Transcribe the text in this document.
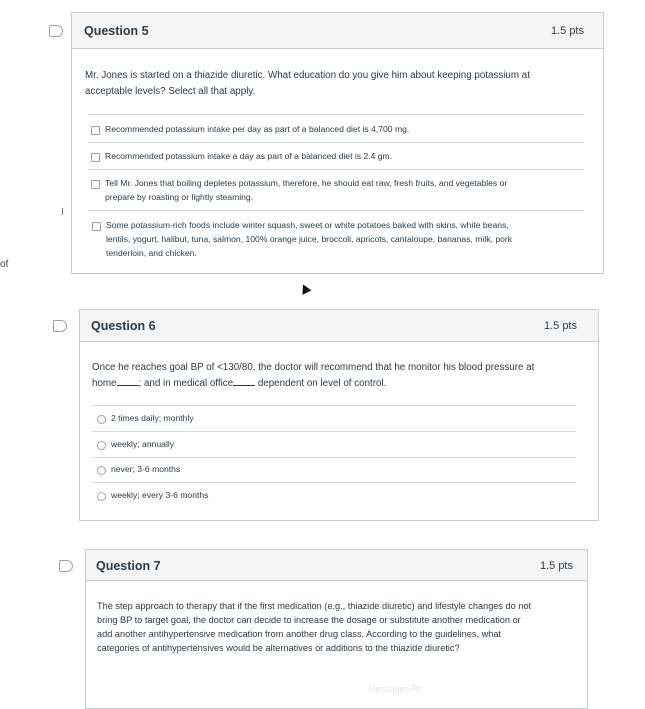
of
Question 5	1.5 pts
Mr. Jones is started on a thiazide diuretic. What education do you give him about keeping potassium at
acceptable levels? Select all that apply.
Recommended potassium intake per day as part of a balanced diet is 4,700 mg.
Recommended potassium intake a day as part of a balanced diet is 2.4 gm.
Tell Mr. Jones that boiling depletes potassium, therefore, he should eat raw, fresh fruits, and vegetables or
prepare by roasting or lightly steaming.
Some potassium-rich foods include winter squash, sweet or white potatoes baked with skins, white beans,
lentils, yogurt, halibut, tuna, salmon, 100% orange juice, broccoli, apricots, cantaloupe, bananas, milk, pork
tenderloin, and chicken.
Question 6	1.5 pts
Once he reaches goal BP of <130/80, the doctor will recommend that he monitor his blood pressure at
home ; and in medical office	dependent on level of control.
2 times daily; monthly
weekly; annually
never; 3-6 months
weekly; every 3-6 months
Question 7	1.5 pts
The step approach to therapy that if the first medication (e.g., thiazide diuretic) and lifestyle changes do not
bring BP to target goal, the doctor can decide to increase the dosage or substitute another medication or
add another antihypertensive medication from another drug class. According to the guidelines, what
categories of antihypertensives would be alternatives or additions to the thiazide diuretic?
Messages Rh
